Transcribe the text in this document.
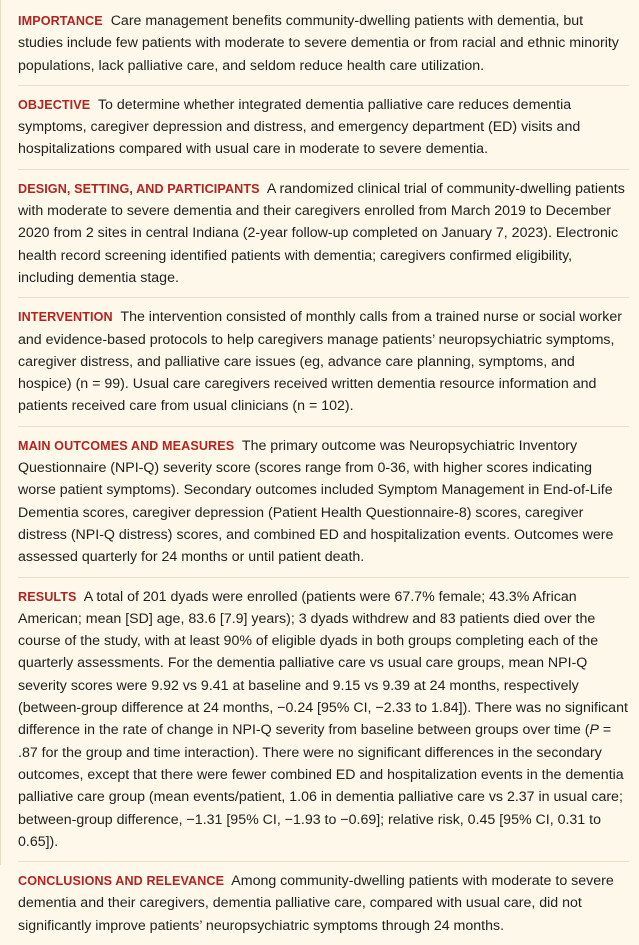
IMPORTANCE Care management benefits community-dwelling patients with dementia, but studies include few patients with moderate to severe dementia or from racial and ethnic minority populations, lack palliative care, and seldom reduce health care utilization.

OBJECTIVE To determine whether integrated dementia palliative care reduces dementia symptoms, caregiver depression and distress, and emergency department (ED) visits and hospitalizations compared with usual care in moderate to severe dementia.

DESIGN, SETTING, AND PARTICIPANTS A randomized clinical trial of community-dwelling patients with moderate to severe dementia and their caregivers enrolled from March 2019 to December 2020 from 2 sites in central Indiana (2-year follow-up completed on January 7, 2023). Electronic health record screening identified patients with dementia; caregivers confirmed eligibility, including dementia stage.

INTERVENTION The intervention consisted of monthly calls from a trained nurse or social worker and evidence-based protocols to help caregivers manage patients’ neuropsychiatric symptoms, caregiver distress, and palliative care issues (eg, advance care planning, symptoms, and hospice) (n = 99). Usual care caregivers received written dementia resource information and patients received care from usual clinicians (n = 102).

MAIN OUTCOMES AND MEASURES The primary outcome was Neuropsychiatric Inventory Questionnaire (NPI-Q) severity score (scores range from 0-36, with higher scores indicating worse patient symptoms). Secondary outcomes included Symptom Management in End-of-Life Dementia scores, caregiver depression (Patient Health Questionnaire-8) scores, caregiver distress (NPI-Q distress) scores, and combined ED and hospitalization events. Outcomes were assessed quarterly for 24 months or until patient death.

RESULTS A total of 201 dyads were enrolled (patients were 67.7% female; 43.3% African American; mean [SD] age, 83.6 [7.9] years); 3 dyads withdrew and 83 patients died over the course of the study, with at least 90% of eligible dyads in both groups completing each of the quarterly assessments. For the dementia palliative care vs usual care groups, mean NPI-Q severity scores were 9.92 vs 9.41 at baseline and 9.15 vs 9.39 at 24 months, respectively (between-group difference at 24 months, −0.24 [95% CI, −2.33 to 1.84]). There was no significant difference in the rate of change in NPI-Q severity from baseline between groups over time (P = .87 for the group and time interaction). There were no significant differences in the secondary outcomes, except that there were fewer combined ED and hospitalization events in the dementia palliative care group (mean events/patient, 1.06 in dementia palliative care vs 2.37 in usual care; between-group difference, −1.31 [95% CI, −1.93 to −0.69]; relative risk, 0.45 [95% CI, 0.31 to 0.65]).

CONCLUSIONS AND RELEVANCE Among community-dwelling patients with moderate to severe dementia and their caregivers, dementia palliative care, compared with usual care, did not significantly improve patients’ neuropsychiatric symptoms through 24 months.
